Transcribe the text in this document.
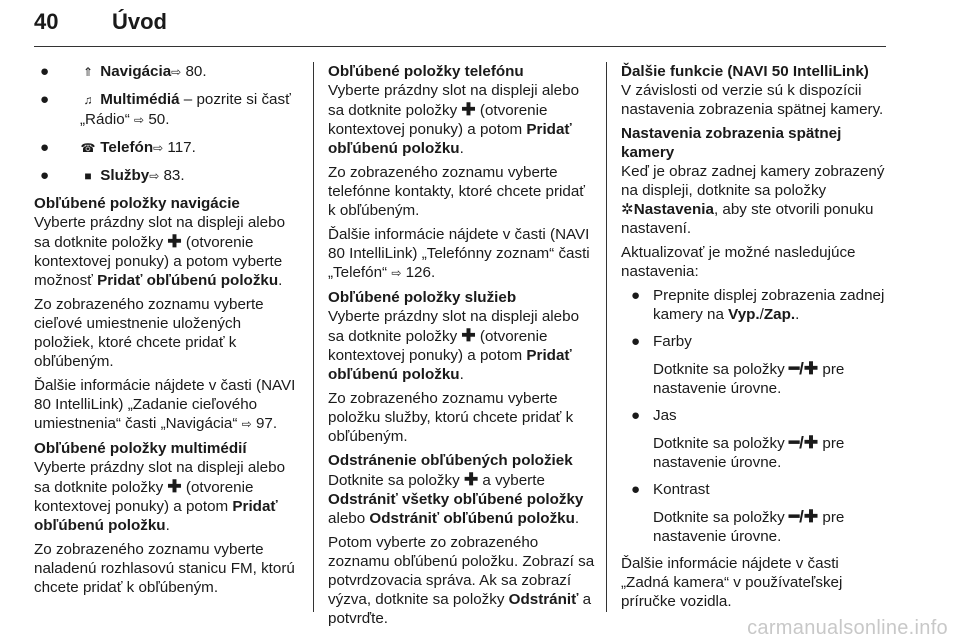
40 Úvod
●	⇑ Navigácia⇨ 80.
●	♫ Multimédiá – pozrite si časť
„Rádio“ ⇨ 50.
●	☎ Telefón⇨ 117.
●	■ Služby⇨ 83.
Obľúbené položky navigácie

Vyberte prázdny slot na displeji alebo sa dotknite položky ✚ (otvorenie kontextovej ponuky) a potom vyberte možnosť Pridať obľúbenú položku.

Zo zobrazeného zoznamu vyberte cieľové umiestnenie uložených položiek, ktoré chcete pridať k obľúbeným.

Ďalšie informácie nájdete v časti (NAVI 80 IntelliLink) „Zadanie cieľového umiestnenia“ časti „Navigácia“ ⇨ 97.

Obľúbené položky multimédií

Vyberte prázdny slot na displeji alebo sa dotknite položky ✚ (otvorenie kontextovej ponuky) a potom Pridať obľúbenú položku.

Zo zobrazeného zoznamu vyberte naladenú rozhlasovú stanicu FM, ktorú chcete pridať k obľúbeným.

Obľúbené položky telefónu

Vyberte prázdny slot na displeji alebo sa dotknite položky ✚ (otvorenie kontextovej ponuky) a potom Pridať obľúbenú položku.

Zo zobrazeného zoznamu vyberte telefónne kontakty, ktoré chcete pridať k obľúbeným.

Ďalšie informácie nájdete v časti (NAVI 80 IntelliLink) „Telefónny zoznam“ časti „Telefón“ ⇨ 126.

Obľúbené položky služieb

Vyberte prázdny slot na displeji alebo sa dotknite položky ✚ (otvorenie kontextovej ponuky) a potom Pridať obľúbenú položku.

Zo zobrazeného zoznamu vyberte položku služby, ktorú chcete pridať k obľúbeným.

Odstránenie obľúbených položiek

Dotknite sa položky ✚ a vyberte Odstrániť všetky obľúbené položky alebo Odstrániť obľúbenú položku.

Potom vyberte zo zobrazeného zoznamu obľúbenú položku. Zobrazí sa potvrdzovacia správa. Ak sa zobrazí výzva, dotknite sa položky Odstrániť a potvrďte.

Ďalšie funkcie (NAVI 50 IntelliLink)

V závislosti od verzie sú k dispozícii nastavenia zobrazenia spätnej kamery.

Nastavenia zobrazenia spätnej kamery

Keď je obraz zadnej kamery zobrazený na displeji, dotknite sa položky ✲Nastavenia, aby ste otvorili ponuku nastavení.

Aktualizovať je možné nasledujúce nastavenia:

● Prepnite displej zobrazenia zadnej kamery na Vyp./Zap..
● Farby
Dotknite sa položky ━/✚ pre nastavenie úrovne.
● Jas
Dotknite sa položky ━/✚ pre nastavenie úrovne.
● Kontrast
Dotknite sa položky ━/✚ pre nastavenie úrovne.

Ďalšie informácie nájdete v časti „Zadná kamera“ v používateľskej príručke vozidla.

carmanualsonline.info
